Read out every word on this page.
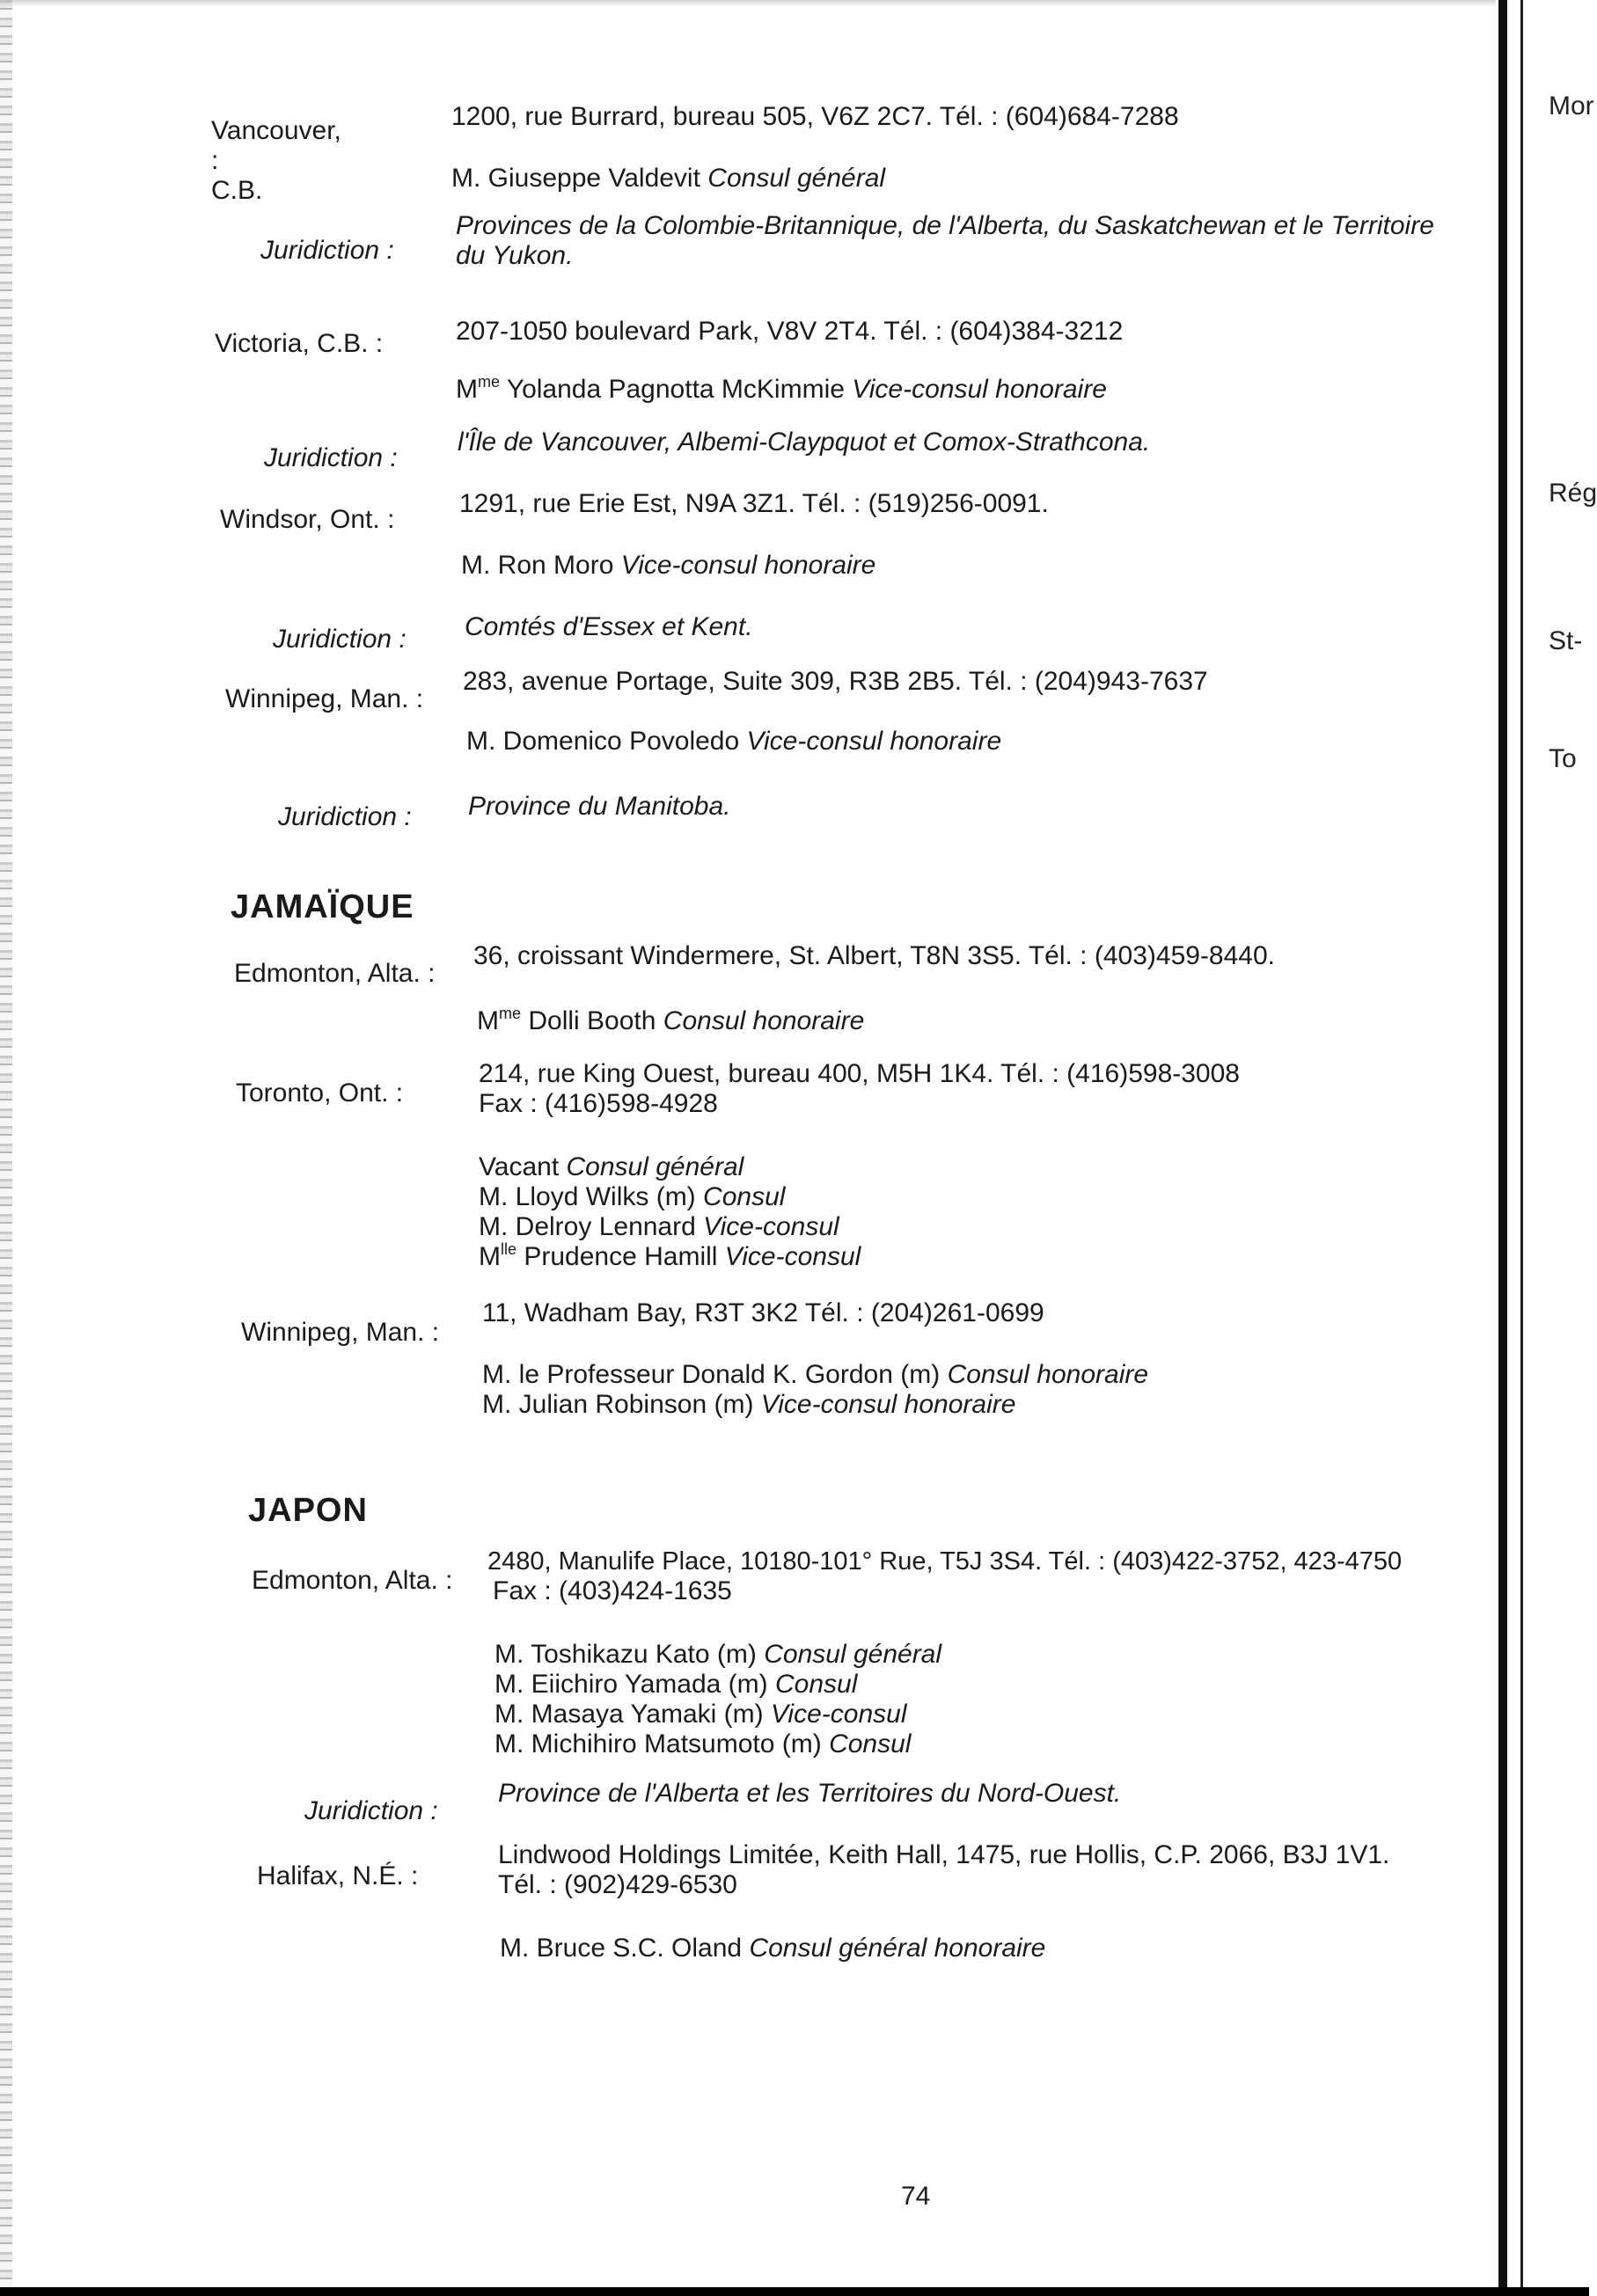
Mor
Rég
St-
To
Vancouver, :
C.B.
1200, rue Burrard, bureau 505, V6Z 2C7. Tél. : (604)684-7288
M. Giuseppe Valdevit Consul général
Juridiction :
Provinces de la Colombie-Britannique, de l'Alberta, du Saskatchewan et le Territoire du Yukon.
Victoria, C.B. :	207-1050 boulevard Park, V8V 2T4. Tél. : (604)384-3212
$M^{me}$ Yolanda Pagnotta McKimmie Vice-consul honoraire
Juridiction :
l'Île de Vancouver, Albemi-Claypquot et Comox-Strathcona.
Windsor, Ont. :
1291, rue Erie Est, N9A 3Z1. Tél. : (519)256-0091.
M. Ron Moro Vice-consul honoraire
Juridiction : Comtés d'Essex et Kent.
Winnipeg, Man. :
283, avenue Portage, Suite 309, R3B 2B5. Tél. : (204)943-7637
M. Domenico Povoledo Vice-consul honoraire
Juridiction : Province du Manitoba.
JAMAÏQUE
Edmonton, Alta. :
36, croissant Windermere, St. Albert, T8N 3S5. Tél. : (403)459-8440.
$M^{me}$ Dolli Booth Consul honoraire
Toronto, Ont. :
214, rue King Ouest, bureau 400, M5H 1K4. Tél. : (416)598-3008
Fax : (416)598-4928
Vacant Consul général
M. Lloyd Wilks (m) Consul
M. Delroy Lennard Vice-consul
$M^{lle}$ Prudence Hamill Vice-consul
Winnipeg, Man. :
11, Wadham Bay, R3T 3K2 Tél. : (204)261-0699
M. le Professeur Donald K. Gordon (m) Consul honoraire
M. Julian Robinson (m) Vice-consul honoraire
JAPON
Edmonton, Alta. :
2480, Manulife Place, 10180-101° Rue, T5J 3S4. Tél. : (403)422-3752, 423-4750
Fax : (403)424-1635
M. Toshikazu Kato (m) Consul général
M. Eiichiro Yamada (m) Consul
M. Masaya Yamaki (m) Vice-consul
M. Michihiro Matsumoto (m) Consul
Juridiction :
Province de l'Alberta et les Territoires du Nord-Ouest.
Halifax, N.É. :
Lindwood Holdings Limitée, Keith Hall, 1475, rue Hollis, C.P. 2066, B3J 1V1.
Tél. : (902)429-6530
M. Bruce S.C. Oland Consul général honoraire
74
